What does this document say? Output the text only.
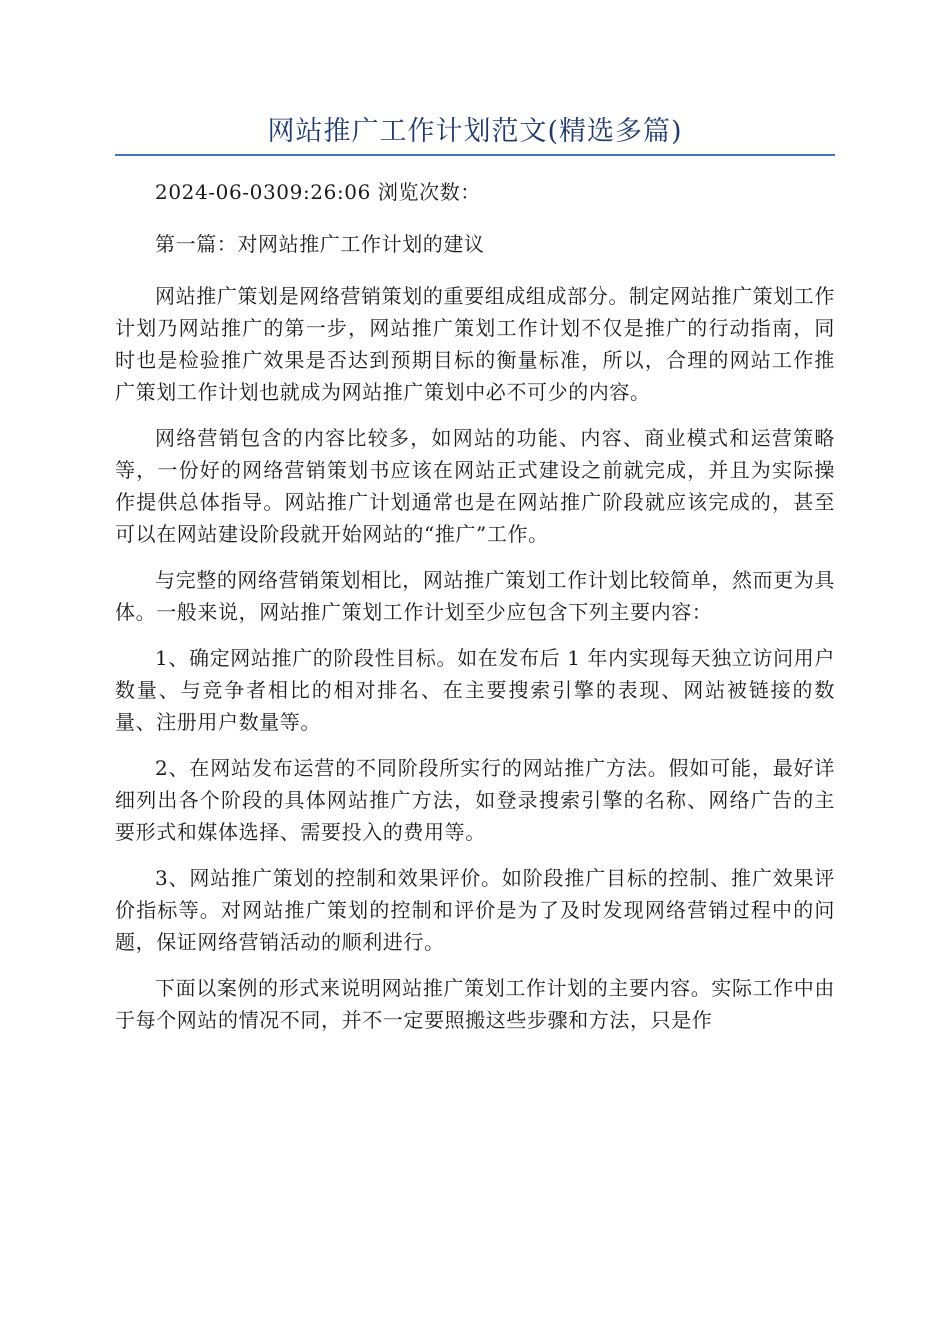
网站推广工作计划范文(精选多篇)

2024-06-0309:26:06 浏览次数：

第一篇：对网站推广工作计划的建议

网站推广策划是网络营销策划的重要组成组成部分。制定网站推广策划工作计划乃网站推广的第一步，网站推广策划工作计划不仅是推广的行动指南，同时也是检验推广效果是否达到预期目标的衡量标准，所以，合理的网站工作推广策划工作计划也就成为网站推广策划中必不可少的内容。

网络营销包含的内容比较多，如网站的功能、内容、商业模式和运营策略等，一份好的网络营销策划书应该在网站正式建设之前就完成，并且为实际操作提供总体指导。网站推广计划通常也是在网站推广阶段就应该完成的，甚至可以在网站建设阶段就开始网站的“推广”工作。

与完整的网络营销策划相比，网站推广策划工作计划比较简单，然而更为具体。一般来说，网站推广策划工作计划至少应包含下列主要内容：

1、确定网站推广的阶段性目标。如在发布后 1 年内实现每天独立访问用户数量、与竞争者相比的相对排名、在主要搜索引擎的表现、网站被链接的数量、注册用户数量等。

2、在网站发布运营的不同阶段所实行的网站推广方法。假如可能，最好详细列出各个阶段的具体网站推广方法，如登录搜索引擎的名称、网络广告的主要形式和媒体选择、需要投入的费用等。

3、网站推广策划的控制和效果评价。如阶段推广目标的控制、推广效果评价指标等。对网站推广策划的控制和评价是为了及时发现网络营销过程中的问题，保证网络营销活动的顺利进行。

下面以案例的形式来说明网站推广策划工作计划的主要内容。实际工作中由于每个网站的情况不同，并不一定要照搬这些步骤和方法，只是作
